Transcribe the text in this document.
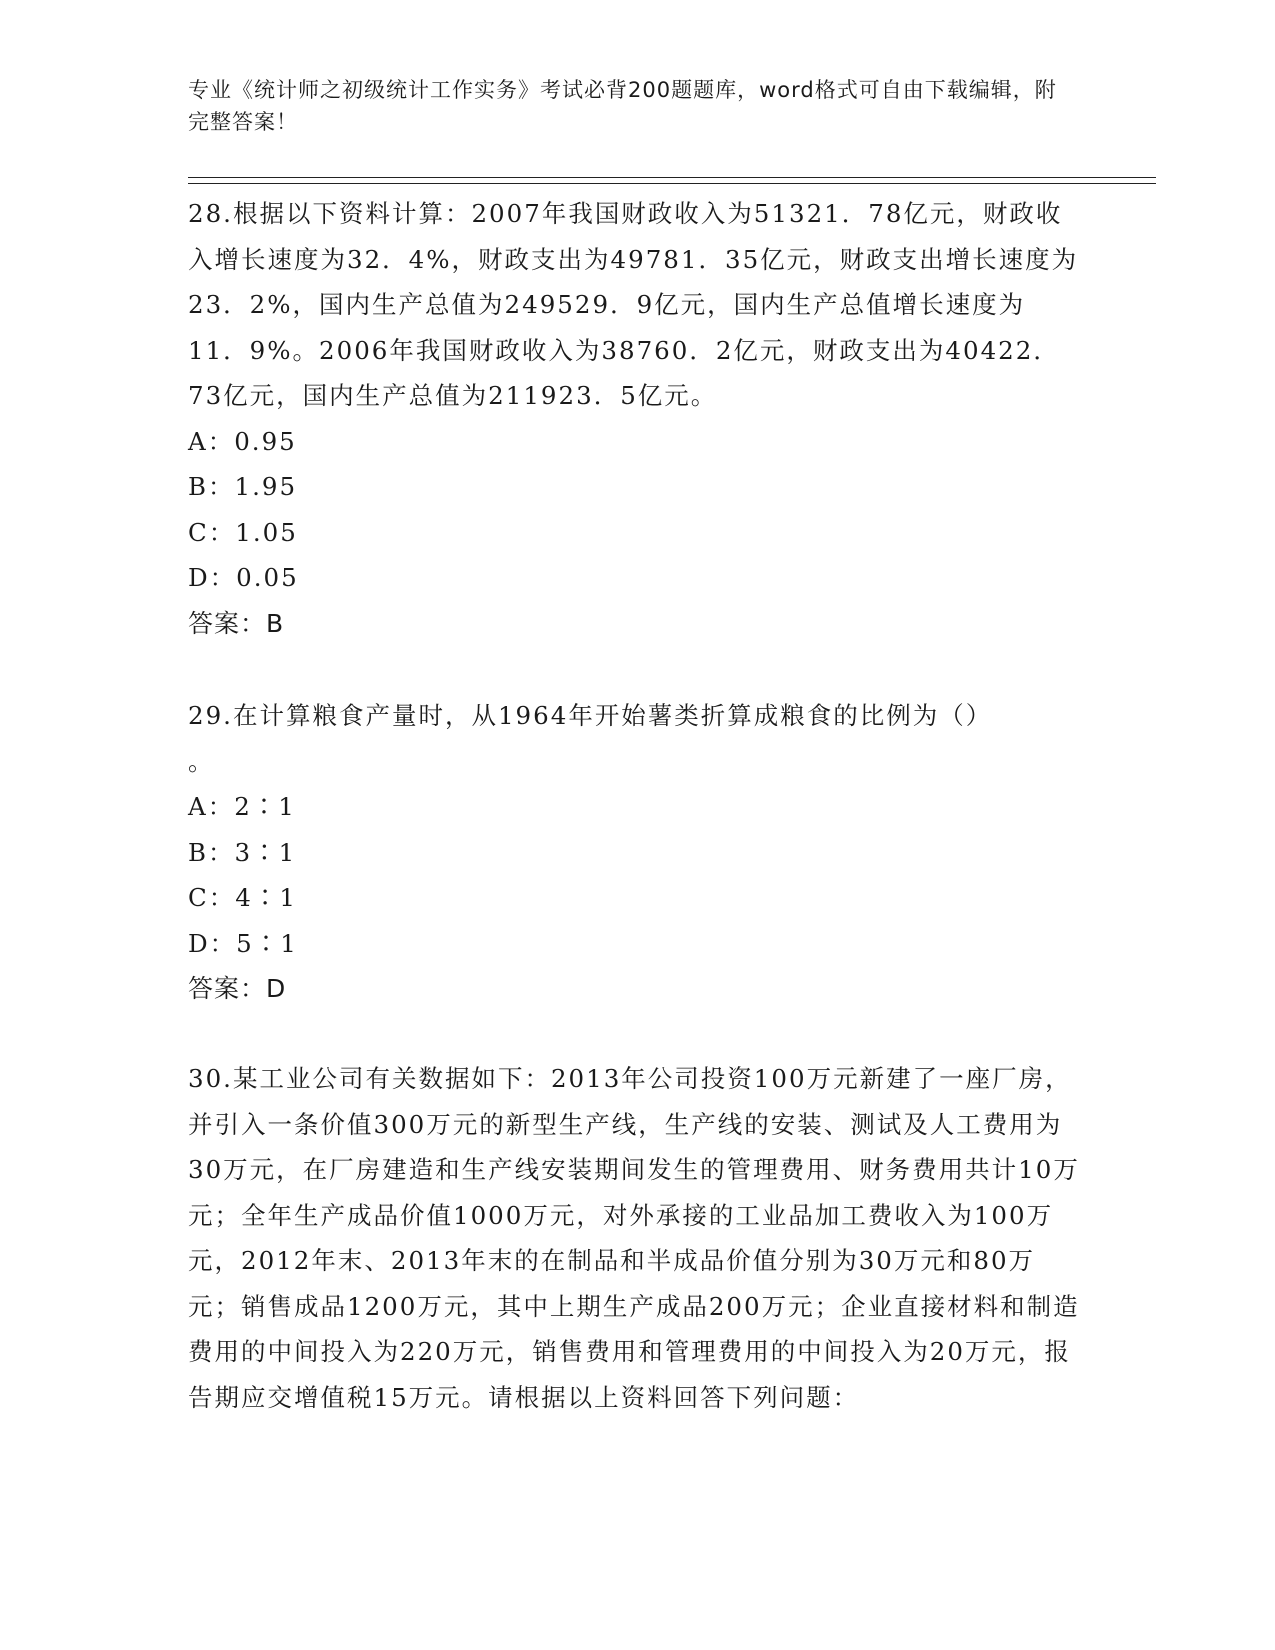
专业《统计师之初级统计工作实务》考试必背200题题库，word格式可自由下载编辑，附完整答案！

28.根据以下资料计算：2007年我国财政收入为51321．78亿元，财政收入增长速度为32．4%，财政支出为49781．35亿元，财政支出增长速度为23．2%，国内生产总值为249529．9亿元，国内生产总值增长速度为11．9%。2006年我国财政收入为38760．2亿元，财政支出为40422．73亿元，国内生产总值为211923．5亿元。

A：0.95

B：1.95

C：1.05

D：0.05

答案：B

29.在计算粮食产量时，从1964年开始薯类折算成粮食的比例为（）

。

A：2∶1

B：3∶1

C：4∶1

D：5∶1

答案：D

30.某工业公司有关数据如下：2013年公司投资100万元新建了一座厂房，并引入一条价值300万元的新型生产线，生产线的安装、测试及人工费用为30万元，在厂房建造和生产线安装期间发生的管理费用、财务费用共计10万元；全年生产成品价值1000万元，对外承接的工业品加工费收入为100万元，2012年末、2013年末的在制品和半成品价值分别为30万元和80万元；销售成品1200万元，其中上期生产成品200万元；企业直接材料和制造费用的中间投入为220万元，销售费用和管理费用的中间投入为20万元，报告期应交增值税15万元。请根据以上资料回答下列问题：
